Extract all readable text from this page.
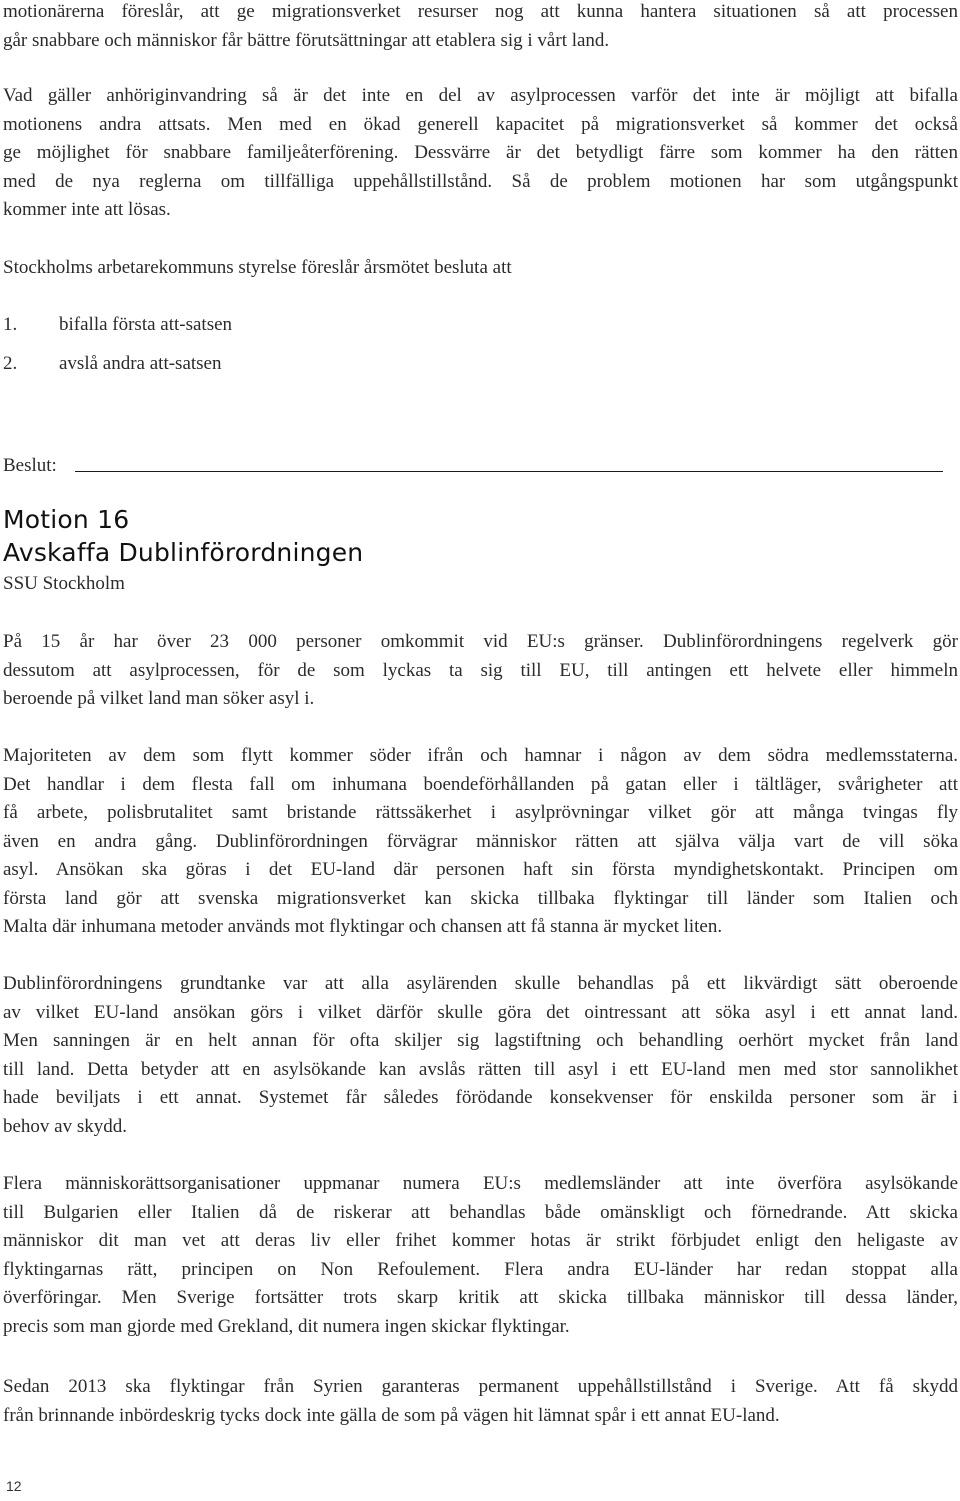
motionärerna föreslår, att ge migrationsverket resurser nog att kunna hantera situationen så att processen
går snabbare och människor får bättre förutsättningar att etablera sig i vårt land.

Vad gäller anhöriginvandring så är det inte en del av asylprocessen varför det inte är möjligt att bifalla
motionens andra attsats. Men med en ökad generell kapacitet på migrationsverket så kommer det också
ge möjlighet för snabbare familjeåterförening. Dessvärre är det betydligt färre som kommer ha den rätten
med de nya reglerna om tillfälliga uppehållstillstånd. Så de problem motionen har som utgångspunkt
kommer inte att lösas.

Stockholms arbetarekommuns styrelse föreslår årsmötet besluta att

1. bifalla första att-satsen
2. avslå andra att-satsen
Beslut:
Motion 16
Avskaffa Dublinförordningen
SSU Stockholm

På 15 år har över 23 000 personer omkommit vid EU:s gränser. Dublinförordningens regelverk gör
dessutom att asylprocessen, för de som lyckas ta sig till EU, till antingen ett helvete eller himmeln
beroende på vilket land man söker asyl i.

Majoriteten av dem som flytt kommer söder ifrån och hamnar i någon av dem södra medlemsstaterna.
Det handlar i dem flesta fall om inhumana boendeförhållanden på gatan eller i tältläger, svårigheter att
få arbete, polisbrutalitet samt bristande rättssäkerhet i asylprövningar vilket gör att många tvingas fly
även en andra gång. Dublinförordningen förvägrar människor rätten att själva välja vart de vill söka
asyl. Ansökan ska göras i det EU-land där personen haft sin första myndighetskontakt. Principen om
första land gör att svenska migrationsverket kan skicka tillbaka flyktingar till länder som Italien och
Malta där inhumana metoder används mot flyktingar och chansen att få stanna är mycket liten.

Dublinförordningens grundtanke var att alla asylärenden skulle behandlas på ett likvärdigt sätt oberoende
av vilket EU-land ansökan görs i vilket därför skulle göra det ointressant att söka asyl i ett annat land.
Men sanningen är en helt annan för ofta skiljer sig lagstiftning och behandling oerhört mycket från land
till land. Detta betyder att en asylsökande kan avslås rätten till asyl i ett EU-land men med stor sannolikhet
hade beviljats i ett annat. Systemet får således förödande konsekvenser för enskilda personer som är i
behov av skydd.

Flera människorättsorganisationer uppmanar numera EU:s medlemsländer att inte överföra asylsökande
till Bulgarien eller Italien då de riskerar att behandlas både omänskligt och förnedrande. Att skicka
människor dit man vet att deras liv eller frihet kommer hotas är strikt förbjudet enligt den heligaste av
flyktingarnas rätt, principen on Non Refoulement. Flera andra EU-länder har redan stoppat alla
överföringar. Men Sverige fortsätter trots skarp kritik att skicka tillbaka människor till dessa länder,
precis som man gjorde med Grekland, dit numera ingen skickar flyktingar.

Sedan 2013 ska flyktingar från Syrien garanteras permanent uppehållstillstånd i Sverige. Att få skydd
från brinnande inbördeskrig tycks dock inte gälla de som på vägen hit lämnat spår i ett annat EU-land.

12
